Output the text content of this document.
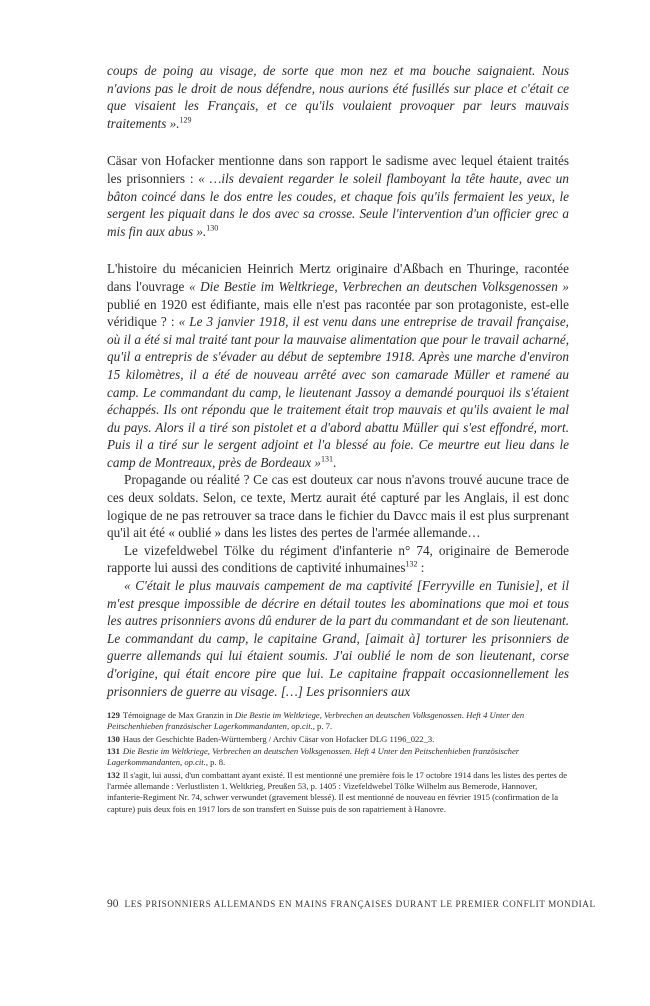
coups de poing au visage, de sorte que mon nez et ma bouche saignaient. Nous n'avions pas le droit de nous défendre, nous aurions été fusillés sur place et c'était ce que visaient les Français, et ce qu'ils voulaient provoquer par leurs mauvais traitements ».$^{129}$

Cäsar von Hofacker mentionne dans son rapport le sadisme avec lequel étaient traités les prisonniers : « …ils devaient regarder le soleil flamboyant la tête haute, avec un bâton coincé dans le dos entre les coudes, et chaque fois qu'ils fermaient les yeux, le sergent les piquait dans le dos avec sa crosse. Seule l'intervention d'un officier grec a mis fin aux abus ».$^{130}$

L'histoire du mécanicien Heinrich Mertz originaire d'Aßbach en Thuringe, racontée dans l'ouvrage « Die Bestie im Weltkriege, Verbrechen an deutschen Volksgenossen » publié en 1920 est édifiante, mais elle n'est pas racontée par son protagoniste, est-elle véridique ? : « Le 3 janvier 1918, il est venu dans une entreprise de travail française, où il a été si mal traité tant pour la mauvaise alimentation que pour le travail acharné, qu'il a entrepris de s'évader au début de septembre 1918. Après une marche d'environ 15 kilomètres, il a été de nouveau arrêté avec son camarade Müller et ramené au camp. Le commandant du camp, le lieutenant Jassoy a demandé pourquoi ils s'étaient échappés. Ils ont répondu que le traitement était trop mauvais et qu'ils avaient le mal du pays. Alors il a tiré son pistolet et a d'abord abattu Müller qui s'est effondré, mort. Puis il a tiré sur le sergent adjoint et l'a blessé au foie. Ce meurtre eut lieu dans le camp de Montreaux, près de Bordeaux »$^{131}$.

Propagande ou réalité ? Ce cas est douteux car nous n'avons trouvé aucune trace de ces deux soldats. Selon, ce texte, Mertz aurait été capturé par les Anglais, il est donc logique de ne pas retrouver sa trace dans le fichier du Davcc mais il est plus surprenant qu'il ait été « oublié » dans les listes des pertes de l'armée allemande…

Le vizefeldwebel Tölke du régiment d'infanterie n° 74, originaire de Bemerode rapporte lui aussi des conditions de captivité inhumaines$^{132}$ :

« C'était le plus mauvais campement de ma captivité [Ferryville en Tunisie], et il m'est presque impossible de décrire en détail toutes les abominations que moi et tous les autres prisonniers avons dû endurer de la part du commandant et de son lieutenant. Le commandant du camp, le capitaine Grand, [aimait à] torturer les prisonniers de guerre allemands qui lui étaient soumis. J'ai oublié le nom de son lieutenant, corse d'origine, qui était encore pire que lui. Le capitaine frappait occasionnellement les prisonniers de guerre au visage. […] Les prisonniers aux

129 Témoignage de Max Granzin in Die Bestie im Weltkriege, Verbrechen an deutschen Volksgenossen. Heft 4 Unter den Peitschenhieben französischer Lagerkommandanten, op.cit., p. 7.

130 Haus der Geschichte Baden-Württemberg / Archiv Cäsar von Hofacker DLG 1196_022_3.

131 Die Bestie im Weltkriege, Verbrechen an deutschen Volksgenossen. Heft 4 Unter den Peitschenhieben französischer Lagerkommandanten, op.cit., p. 8.

132 Il s'agit, lui aussi, d'un combattant ayant existé. Il est mentionné une première fois le 17 octobre 1914 dans les listes des pertes de l'armée allemande : Verlustlisten 1. Weltkrieg, Preußen 53, p. 1405 : Vizefeldwebel Tölke Wilhelm aus Bemerode, Hannover, infanterie-Regiment Nr. 74, schwer verwundet (gravement blessé). Il est mentionné de nouveau en février 1915 (confirmation de la capture) puis deux fois en 1917 lors de son transfert en Suisse puis de son rapatriement à Hanovre.

90 LES PRISONNIERS ALLEMANDS EN MAINS FRANÇAISES DURANT LE PREMIER CONFLIT MONDIAL
